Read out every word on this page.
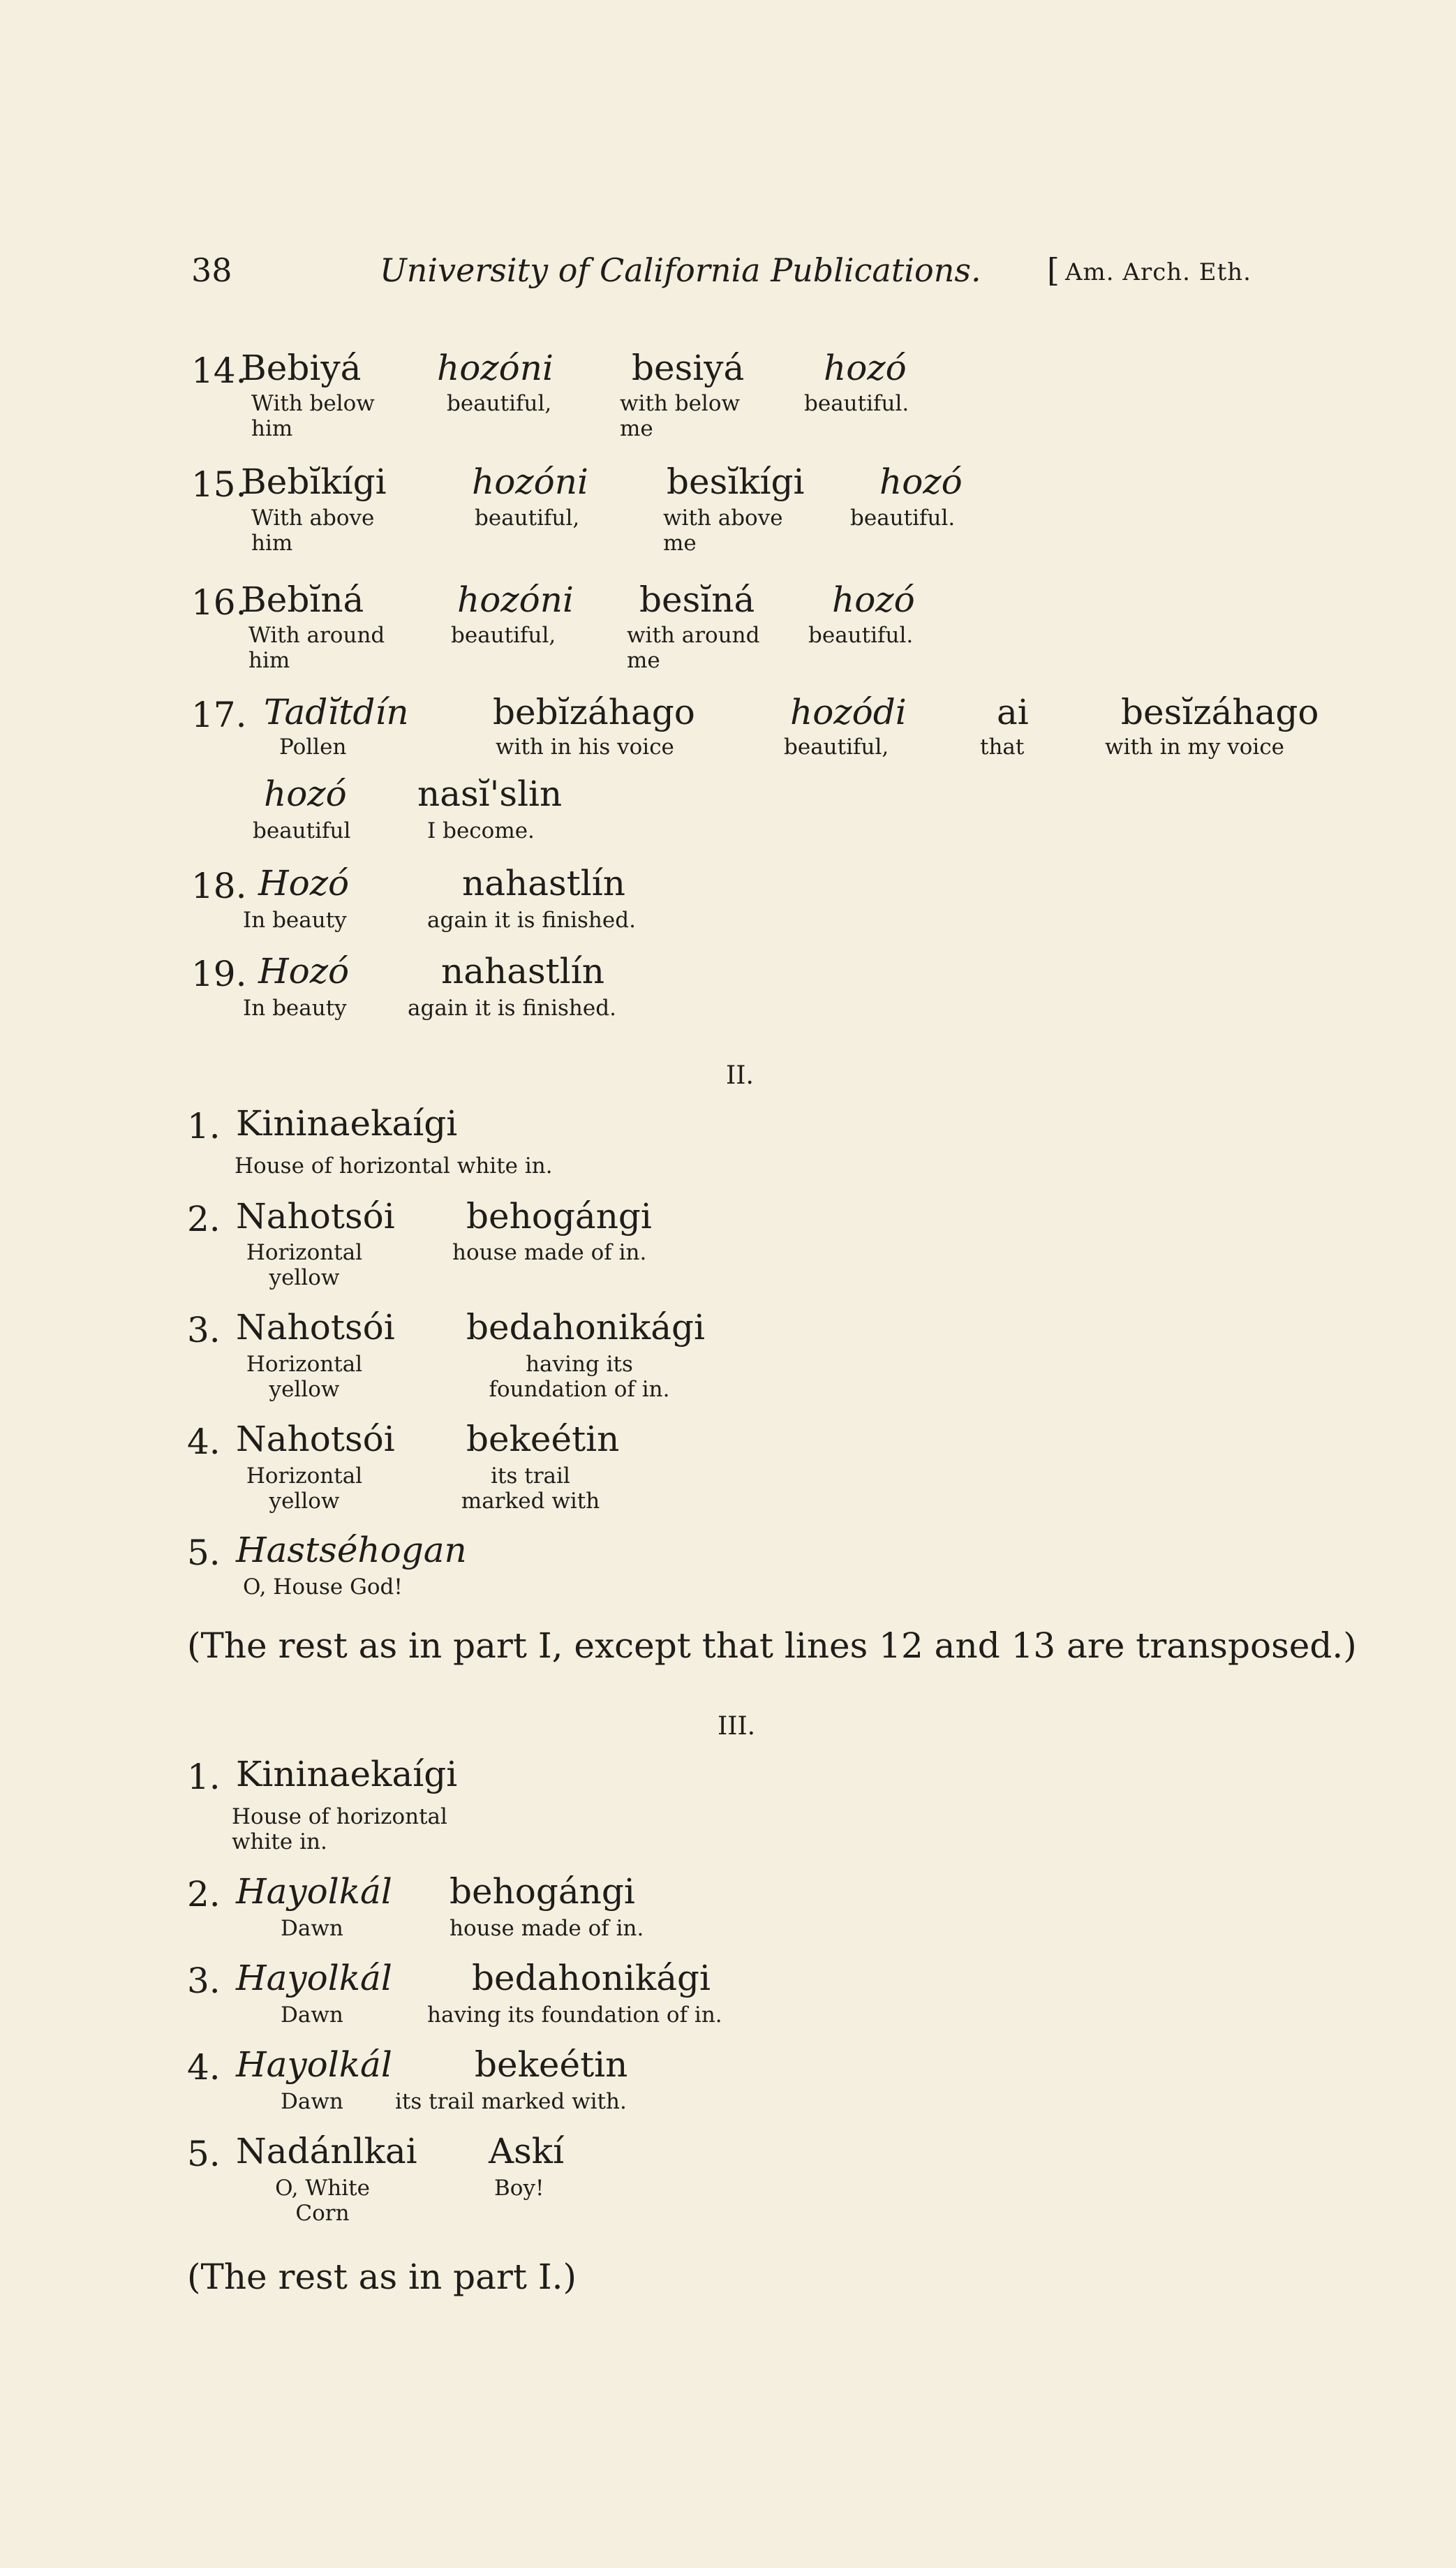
38	University of California Publications. [ Am. Arch. Eth.
14.
Bebiyá
With below
him
hozóni
beautiful,
besiyá
with below
me
hozó
beautiful.
15.
Bebĭkígi
With above
him
hozóni
beautiful,
besĭkígi
with above
me
hozó
beautiful.
16.
Bebĭná
With around
him
hozóni
beautiful,
besĭná
with around
me
hozó
beautiful.
17. Tadĭtdín
Pollen
bebĭzáhago
with in his voice
hozódi
beautiful,
ai
that
besĭzáhago
with in my voice
hozó
beautiful
nasĭ'slin
I become.
18. Hozó
In beauty
nahastlín
again it is finished.
19. Hozó
In beauty
nahastlín
again it is finished.
II.
1. Kininaekaígi
House of horizontal white in.
2. Nahotsói
Horizontal
yellow
behogángi
house made of in.
3. Nahotsói
Horizontal
yellow
bedahonikági
having its
foundation of in.
4. Nahotsói
Horizontal
yellow
bekeétin
its trail
marked with
5. Hastséhogan
O, House God!
(The rest as in part I, except that lines 12 and 13 are transposed.)
III.
1. Kininaekaígi
House of horizontal
white in.
2. Hayolkál
Dawn
behogángi
house made of in.
3. Hayolkál
Dawn
bedahonikági
having its foundation of in.
4. Hayolkál
Dawn
bekeétin
its trail marked with.
5. Nadánlkai
O, White
Corn
Askí
Boy!
(The rest as in part I.)
